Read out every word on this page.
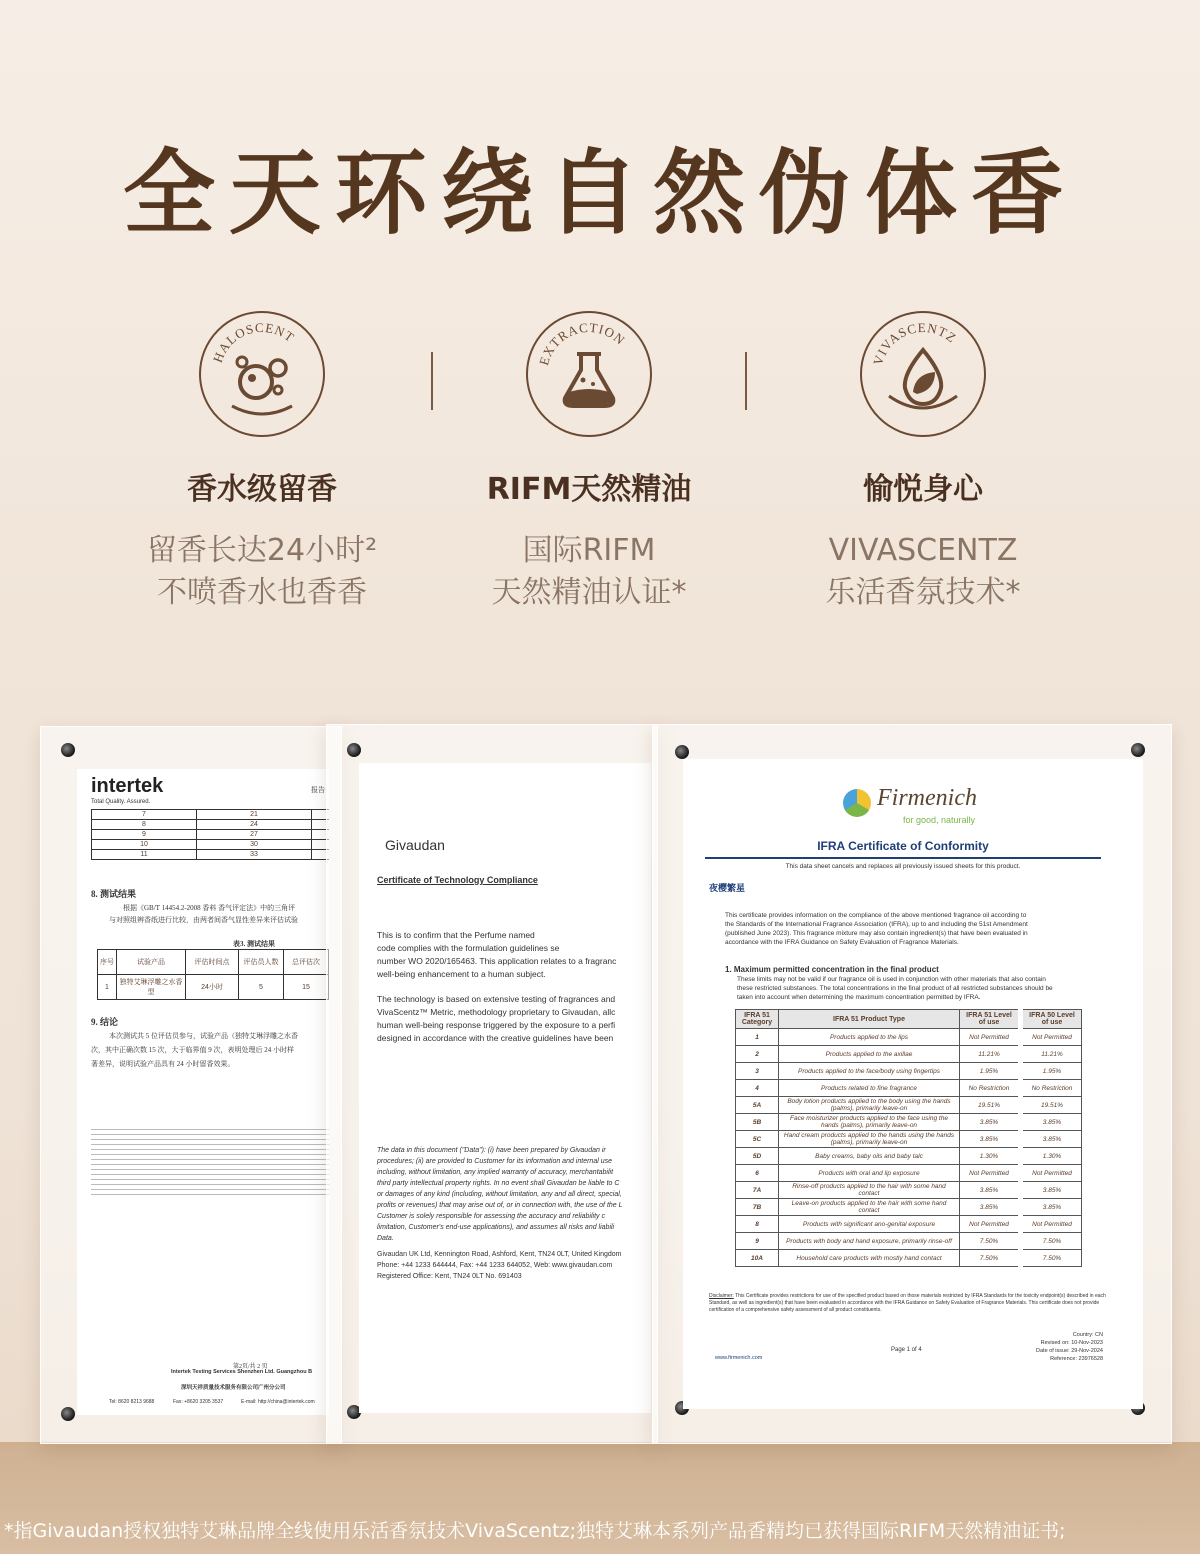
全天环绕自然伪体香
HALOSCENT
香水级留香
留香长达24小时²
不喷香水也香香
EXTRACTION
RIFM天然精油
国际RIFM
天然精油认证*
VIVASCENTZ
愉悦身心
VIVASCENTZ
乐活香氛技术*
intertek
Total Quality. Assured.
报告
7	21	
8	24	
9	27	
10	30	
11	33	
8. 测试结果
根据《GB/T 14454.2-2008 香料 香气评定法》中的三角评
与对照组辨香纸进行比较，由两者间香气显性差异来评估试验
表3. 测试结果
序号	试验产品	评估时间点	评估员人数	总评估次
1	独特艾琳浮雕之水香型	24小时	5	15
9. 结论
本次测试共 5 位评估员参与，试验产品（独特艾琳浮雕之水香
次，其中正确次数 15 次，大于临界值 9 次，表明处理后 24 小时样
著差异，说明试验产品具有 24 小时留香效果。
第2页/共 2 页
Intertek Testing Services Shenzhen Ltd. Guangzhou B
深圳天祥质量技术服务有限公司广州分公司
Tel: 8620 8213 9688	Fax: +8620 3205 3537	E-mail: http://china@intertek.com
Givaudan
Certificate of Technology Compliance
This is to confirm that the Perfume named
code complies with the formulation guidelines se
number WO 2020/165463. This application relates to a fragranc
well-being enhancement to a human subject.
The technology is based on extensive testing of fragrances and
VivaScentz™ Metric, methodology proprietary to Givaudan, allc
human well-being response triggered by the exposure to a perfi
designed in accordance with the creative guidelines have been
The data in this document ("Data"): (i) have been prepared by Givaudan ir
procedures; (ii) are provided to Customer for its information and internal use
including, without limitation, any implied warranty of accuracy, merchantabilit
third party intellectual property rights. In no event shall Givaudan be liable to C
or damages of any kind (including, without limitation, any and all direct, special,
profits or revenues) that may arise out of, or in connection with, the use of the L
Customer is solely responsible for assessing the accuracy and reliability c
limitation, Customer's end-use applications), and assumes all risks and liabili
Data.
Givaudan UK Ltd, Kennington Road, Ashford, Kent, TN24 0LT, United Kingdom
Phone: +44 1233 644444, Fax: +44 1233 644052, Web: www.givaudan.com
Registered Office: Kent, TN24 0LT No. 691403
Firmenich
for good, naturally
IFRA Certificate of Conformity
This data sheet cancels and replaces all previously issued sheets for this product.
夜樱繁星
This certificate provides information on the compliance of the above mentioned fragrance oil according to
the Standards of the International Fragrance Association (IFRA), up to and including the 51st Amendment
(published June 2023). This fragrance mixture may also contain ingredient(s) that have been evaluated in
accordance with the IFRA Guidance on Safety Evaluation of Fragrance Materials.
1. Maximum permitted concentration in the final product
These limits may not be valid if our fragrance oil is used in conjunction with other materials that also contain
these restricted substances. The total concentrations in the final product of all restricted substances should be
taken into account when determining the maximum concentration permitted by IFRA.
IFRA 51 Category	IFRA 51 Product Type	IFRA 51 Level of use	IFRA 50 Level of use
1	Products applied to the lips	Not Permitted	Not Permitted
2	Products applied to the axillae	11.21%	11.21%
3	Products applied to the face/body using fingertips	1.95%	1.95%
4	Products related to fine fragrance	No Restriction	No Restriction
5A	Body lotion products applied to the body using the hands (palms), primarily leave-on	19.51%	19.51%
5B	Face moisturizer products applied to the face using the hands (palms), primarily leave-on	3.85%	3.85%
5C	Hand cream products applied to the hands using the hands (palms), primarily leave-on	3.85%	3.85%
5D	Baby creams, baby oils and baby talc	1.30%	1.30%
6	Products with oral and lip exposure	Not Permitted	Not Permitted
7A	Rinse-off products applied to the hair with some hand contact	3.85%	3.85%
7B	Leave-on products applied to the hair with some hand contact	3.85%	3.85%
8	Products with significant ano-genital exposure	Not Permitted	Not Permitted
9	Products with body and hand exposure, primarily rinse-off	7.50%	7.50%
10A	Household care products with mostly hand contact	7.50%	7.50%
Disclaimer: This Certificate provides restrictions for use of the specified product based on those materials restricted by IFRA Standards for the toxicity endpoint(s) described in each Standard, as well as ingredient(s) that have been evaluated in accordance with the IFRA Guidance on Safety Evaluation of Fragrance Materials. This certificate does not provide certification of a comprehensive safety assessment of all product constituents.
Country: CN
Revised on: 10-Nov-2023
Date of issue: 29-Nov-2024
Reference: 23976528
Page 1 of 4
www.firmenich.com
*指Givaudan授权独特艾琳品牌全线使用乐活香氛技术VivaScentz;独特艾琳本系列产品香精均已获得国际RIFM天然精油证书;
